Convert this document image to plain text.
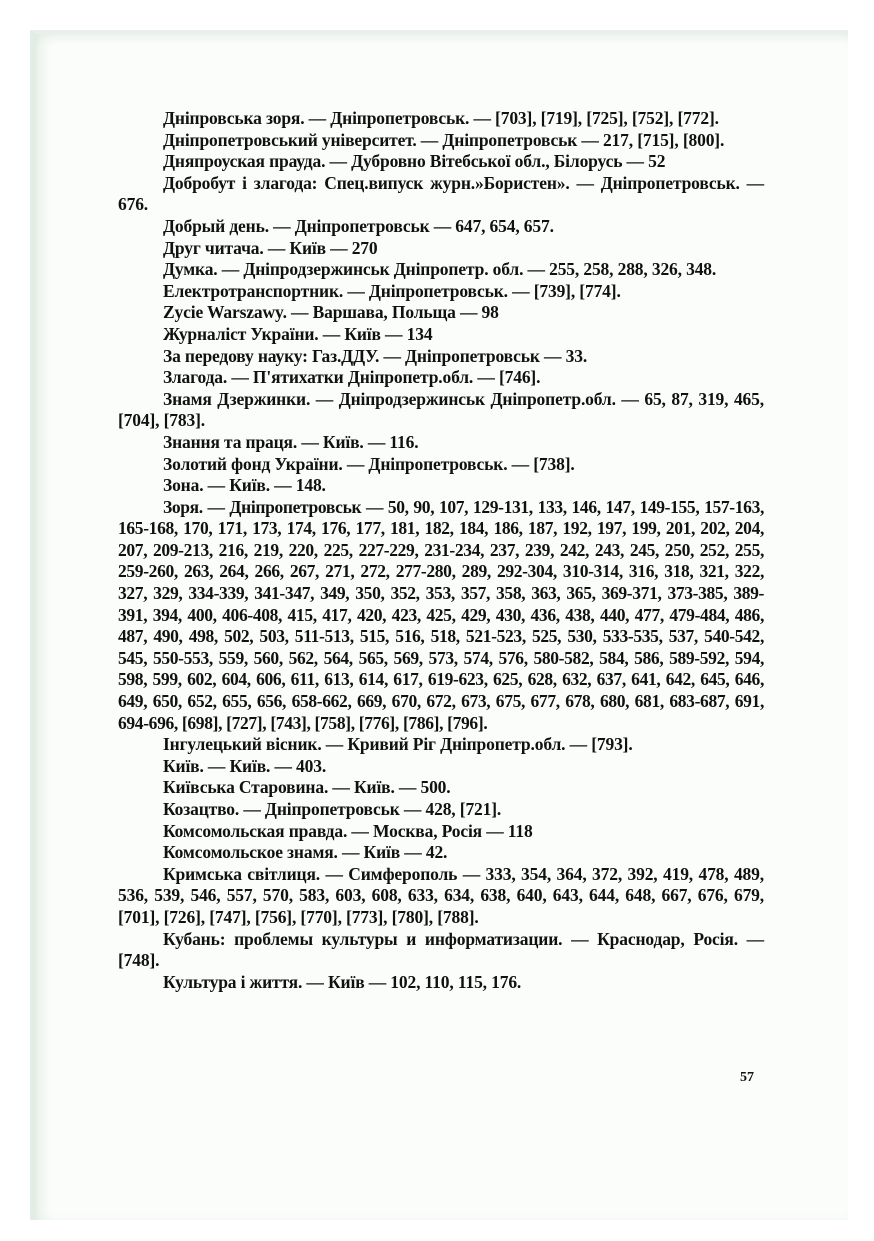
Дніпровська зоря. — Дніпропетровськ. — [703], [719], [725], [752], [772].

Дніпропетровський університет. — Дніпропетровськ — 217, [715], [800].

Дняпроуская прауда. — Дубровно Вітебської обл., Білорусь — 52

Добробут і злагода: Спец.випуск журн.»Бористен». — Дніпропетровськ. — 676.

Добрый день. — Дніпропетровськ — 647, 654, 657.

Друг читача. — Київ — 270

Думка. — Дніпродзержинськ Дніпропетр. обл. — 255, 258, 288, 326, 348.

Електротранспортник. — Дніпропетровськ. — [739], [774].

Zycie Warszawy. — Варшава, Польща — 98

Журналіст України. — Київ — 134

За передову науку: Газ.ДДУ. — Дніпропетровськ — 33.

Злагода. — П'ятихатки Дніпропетр.обл. — [746].

Знамя Дзержинки. — Дніпродзержинськ Дніпропетр.обл. — 65, 87, 319, 465, [704], [783].

Знання та праця. — Київ. — 116.

Золотий фонд України. — Дніпропетровськ. — [738].

Зона. — Київ. — 148.

Зоря. — Дніпропетровськ — 50, 90, 107, 129-131, 133, 146, 147, 149-155, 157-163, 165-168, 170, 171, 173, 174, 176, 177, 181, 182, 184, 186, 187, 192, 197, 199, 201, 202, 204, 207, 209-213, 216, 219, 220, 225, 227-229, 231-234, 237, 239, 242, 243, 245, 250, 252, 255, 259-260, 263, 264, 266, 267, 271, 272, 277-280, 289, 292-304, 310-314, 316, 318, 321, 322, 327, 329, 334-339, 341-347, 349, 350, 352, 353, 357, 358, 363, 365, 369-371, 373-385, 389-391, 394, 400, 406-408, 415, 417, 420, 423, 425, 429, 430, 436, 438, 440, 477, 479-484, 486, 487, 490, 498, 502, 503, 511-513, 515, 516, 518, 521-523, 525, 530, 533-535, 537, 540-542, 545, 550-553, 559, 560, 562, 564, 565, 569, 573, 574, 576, 580-582, 584, 586, 589-592, 594, 598, 599, 602, 604, 606, 611, 613, 614, 617, 619-623, 625, 628, 632, 637, 641, 642, 645, 646, 649, 650, 652, 655, 656, 658-662, 669, 670, 672, 673, 675, 677, 678, 680, 681, 683-687, 691, 694-696, [698], [727], [743], [758], [776], [786], [796].

Інгулецький вісник. — Кривий Ріг Дніпропетр.обл. — [793].

Київ. — Київ. — 403.

Київська Старовина. — Київ. — 500.

Козацтво. — Дніпропетровськ — 428, [721].

Комсомольская правда. — Москва, Росія — 118

Комсомольское знамя. — Київ — 42.

Кримська світлиця. — Симферополь — 333, 354, 364, 372, 392, 419, 478, 489, 536, 539, 546, 557, 570, 583, 603, 608, 633, 634, 638, 640, 643, 644, 648, 667, 676, 679, [701], [726], [747], [756], [770], [773], [780], [788].

Кубань: проблемы культуры и информатизации. — Краснодар, Росія. — [748].

Культура і життя. — Київ — 102, 110, 115, 176.

57
